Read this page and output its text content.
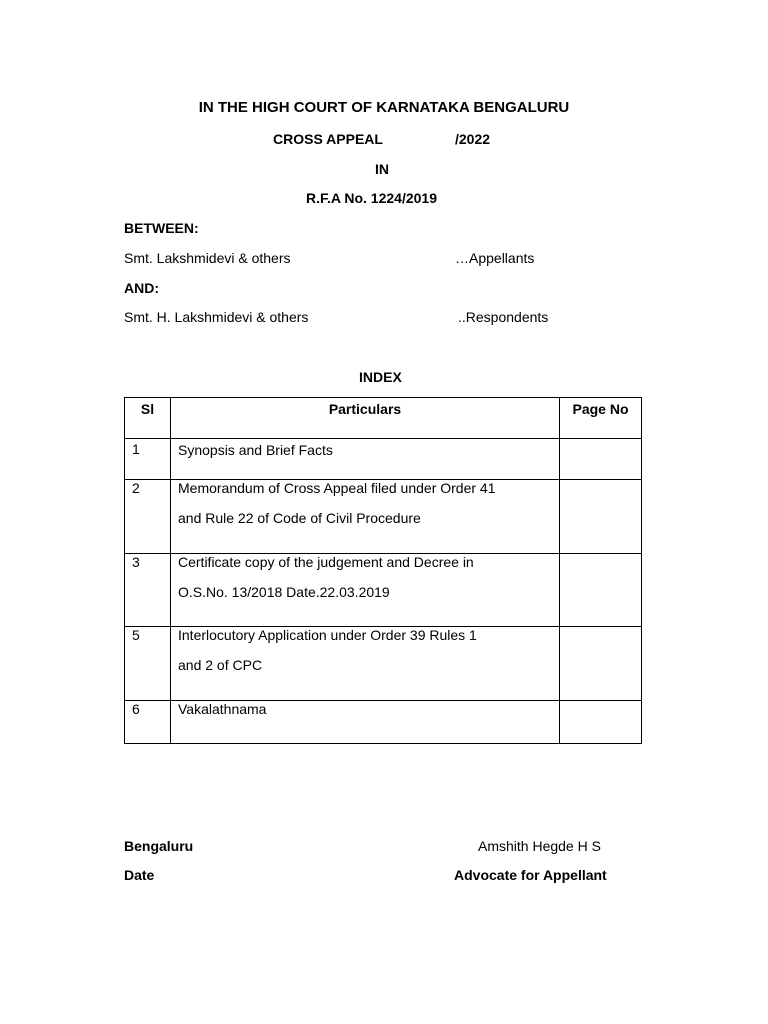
IN THE HIGH COURT OF KARNATAKA BENGALURU
CROSS APPEAL	/2022
IN
R.F.A No. 1224/2019
BETWEEN:
Smt. Lakshmidevi & others	…Appellants
AND:
Smt. H. Lakshmidevi & others	..Respondents
INDEX
Sl	Particulars	Page No
1	Synopsis and Brief Facts	

2	Memorandum of Cross Appeal filed under Order 41
and Rule 22 of Code of Civil Procedure	

3	Certificate copy of the judgement and Decree in
O.S.No. 13/2018 Date.22.03.2019	

5	Interlocutory Application under Order 39 Rules 1
and 2 of CPC	

6	Vakalathnama	

Bengaluru	Amshith Hegde H S
Date	Advocate for Appellant
